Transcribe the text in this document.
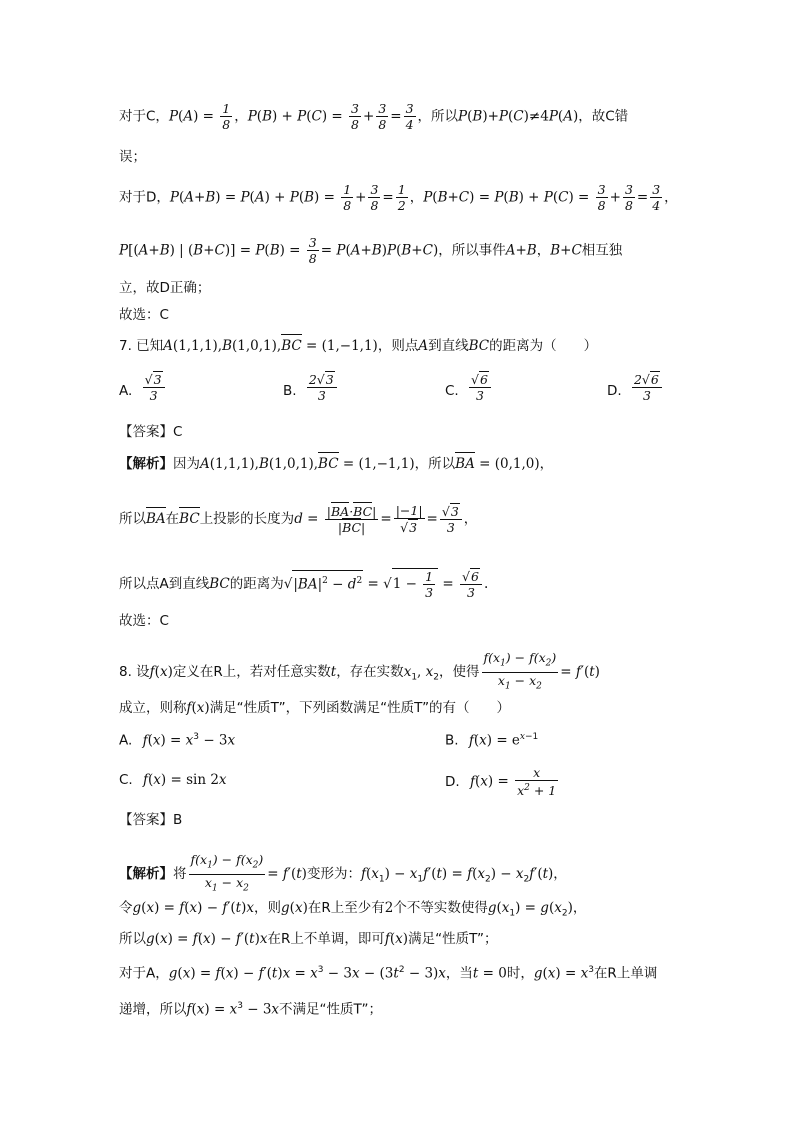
对于C，$P(A) = \frac{1}{8}$ ，$P(B) + P(C) = \frac{3}{8} + \frac{3}{8} = \frac{3}{4}$ ，所以P(B)+P(C)≠4P(A)，故C错
误；
对于D，$P(A+B) = P(A) + P(B) = \frac{1}{8} + \frac{3}{8} = \frac{1}{2}$ ，$P(B+C) = P(B) + P(C) = \frac{3}{8} + \frac{3}{8} = \frac{3}{4}$ ，
P[(A+B) | $(B+C)] = P(B) = \frac{3}{8} = P(A+B)P(B+C)$，所以事件A+B，B+C相互独
立，故D正确；
故选：C
7. 已知A(1,1,1),B(1,0,1),BC = (1,−1,1)，则点A到直线BC的距离为（　　）
A. $\frac{√3}{3}$	B. $\frac{2√3}{3}$	C. $\frac{√6}{3}$	D. $\frac{2√6}{3}$
【答案】C
【解析】因为A(1,1,1),B(1,0,1),BC = (1,−1,1)，所以BA = (0,1,0)，
所以BA在BC上投影的长度为$d = \frac{|BA\cdot BC|}{|BC|} = \frac{|-1|}{√3} = \frac{√3}{3}$ ，
所以点A到直线BC的距离为$√|BA|^2 - d^2 = √1 - \frac{1}{3} = \frac{√6}{3}$ .
故选：C
8. 设f(x)定义在R上，若对任意实数t，存在实数$x_1$, $x_2$，使得 $\frac{f(x_1) - f(x_2)}{x_1 - x_2} = f'(t)$
成立，则称f(x)满足“性质T”，下列函数满足“性质T”的有（　　）
A. $f(x) = x^3 - 3x$	B. $f(x) = e^{x-1}$
C. f(x) = sin 2x	D. $f(x) = \frac{x}{x^2 + 1}$
【答案】B
【解析】将 $\frac{f(x_1) - f(x_2)}{x_1 - x_2} = f'(t)$变形为：$f(x_1) - x_1f'(t) = f(x_2) - x_2f'(t)$，
令g(x) = f(x) − f′(t)x，则g(x)在R上至少有2个不等实数使得$g(x_1) = g(x_2)$，
所以g(x) = f(x) − f′(t)x在R上不单调，即可f(x)满足“性质T”；
对于A，$g(x) = f(x) - f'(t)x = x^3 - 3x - (3t^2 - 3)x$，当t = 0时，$g(x) = x^3$在R上单调
递增，所以$f(x) = x^3 - 3x$不满足“性质T”；
